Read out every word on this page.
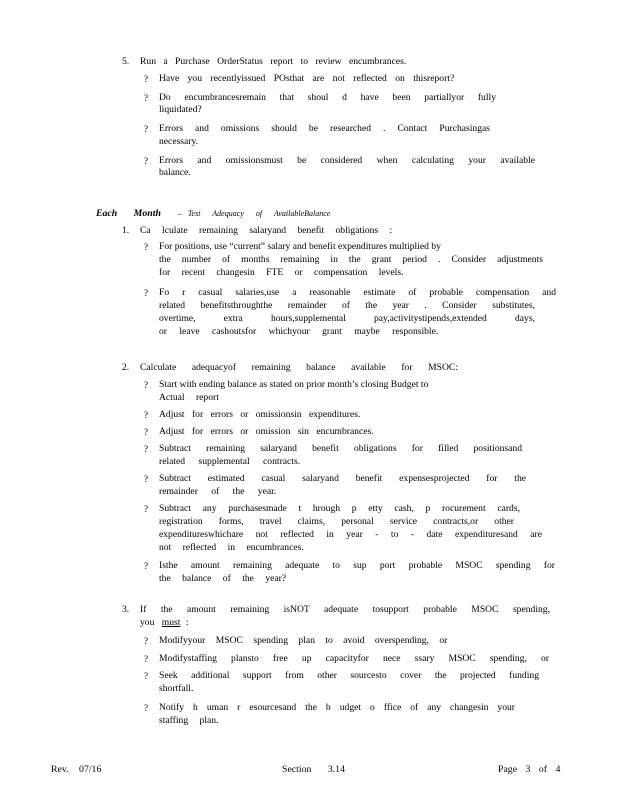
5. Run a Purchase OrderStatus report to review encumbrances.
? Have you recentlyissued POsthat are not reflected on thisreport?
? Do encumbrancesremain that shoul d have been partiallyor fully
liquidated?
? Errors and omissions should be researched . Contact Purchasingas
necessary.
? Errors and omissionsmust be considered when calculating your available
balance.
Each Month – Test Adequacy of AvailableBalance
1. Ca lculate remaining salaryand benefit obligations :
? For positions, use “current” salary and benefit expenditures multiplied by
the number of months remaining in the grant period . Consider adjustments
for recent changesin FTE or compensation levels.
? Fo r casual salaries,use a reasonable estimate of probable compensation and
related benefitsthroughthe remainder of the year . Consider substitutes,
overtime, extra hours,supplemental pay,activitystipends,extended days,
or leave cashoutsfor whichyour grant maybe responsible.
2. Calculate adequacyof remaining balance available for MSOC:
? Start with ending balance as stated on prior month’s closing Budget to
Actual report
? Adjust for errors or omissionsin expenditures.
? Adjust for errors or omission sin encumbrances.
? Subtract remaining salaryand benefit obligations for filled positionsand
related supplemental contracts.
? Subtract estimated casual salaryand benefit expensesprojected for the
remainder of the year.
? Subtract any purchasesmade t hrough p etty cash, p rocurement cards,
registration forms, travel claims, personal service contracts,or other
expenditureswhichare not reflected in year - to - date expendituresand are
not reflected in encumbrances.
? Isthe amount remaining adequate to sup port probable MSOC spending for
the balance of the year?
3. If the amount remaining isNOT adequate tosupport probable MSOC spending,
you must :
? Modifyyour MSOC spending plan to avoid overspending, or
? Modifystaffing plansto free up capacityfor nece ssary MSOC spending, or
? Seek additional support from other sourcesto cover the projected funding
shortfall.
? Notify h uman r esourcesand the b udget o ffice of any changesin your
staffing plan.
Rev. 07/16	Section 3.14	Page 3 of 4
